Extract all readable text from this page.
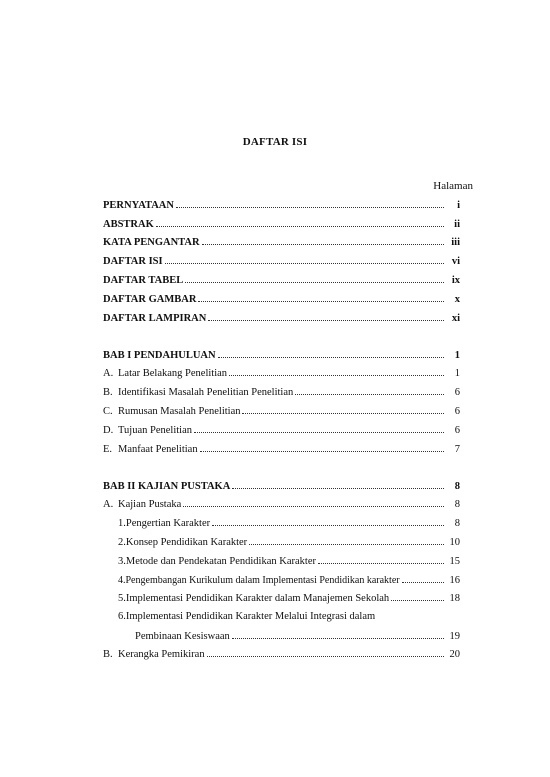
DAFTAR ISI
Halaman
PERNYATAAN	i
ABSTRAK	ii
KATA PENGANTAR	iii
DAFTAR ISI	vi
DAFTAR TABEL	ix
DAFTAR GAMBAR	x
DAFTAR LAMPIRAN	xi
BAB I PENDAHULUAN	1
A. Latar Belakang Penelitian	1
B. Identifikasi Masalah Penelitian Penelitian	6
C. Rumusan Masalah Penelitian	6
D. Tujuan Penelitian	6
E. Manfaat Penelitian	7
BAB II KAJIAN PUSTAKA	8
A. Kajian Pustaka	8
1.Pengertian Karakter	8
2.Konsep Pendidikan Karakter	10
3.Metode dan Pendekatan Pendidikan Karakter	15
4.Pengembangan Kurikulum dalam Implementasi Pendidikan karakter	16
5.Implementasi Pendidikan Karakter dalam Manajemen Sekolah	18
6.Implementasi Pendidikan Karakter Melalui Integrasi dalam
Pembinaan Kesiswaan	19
B. Kerangka Pemikiran	20
